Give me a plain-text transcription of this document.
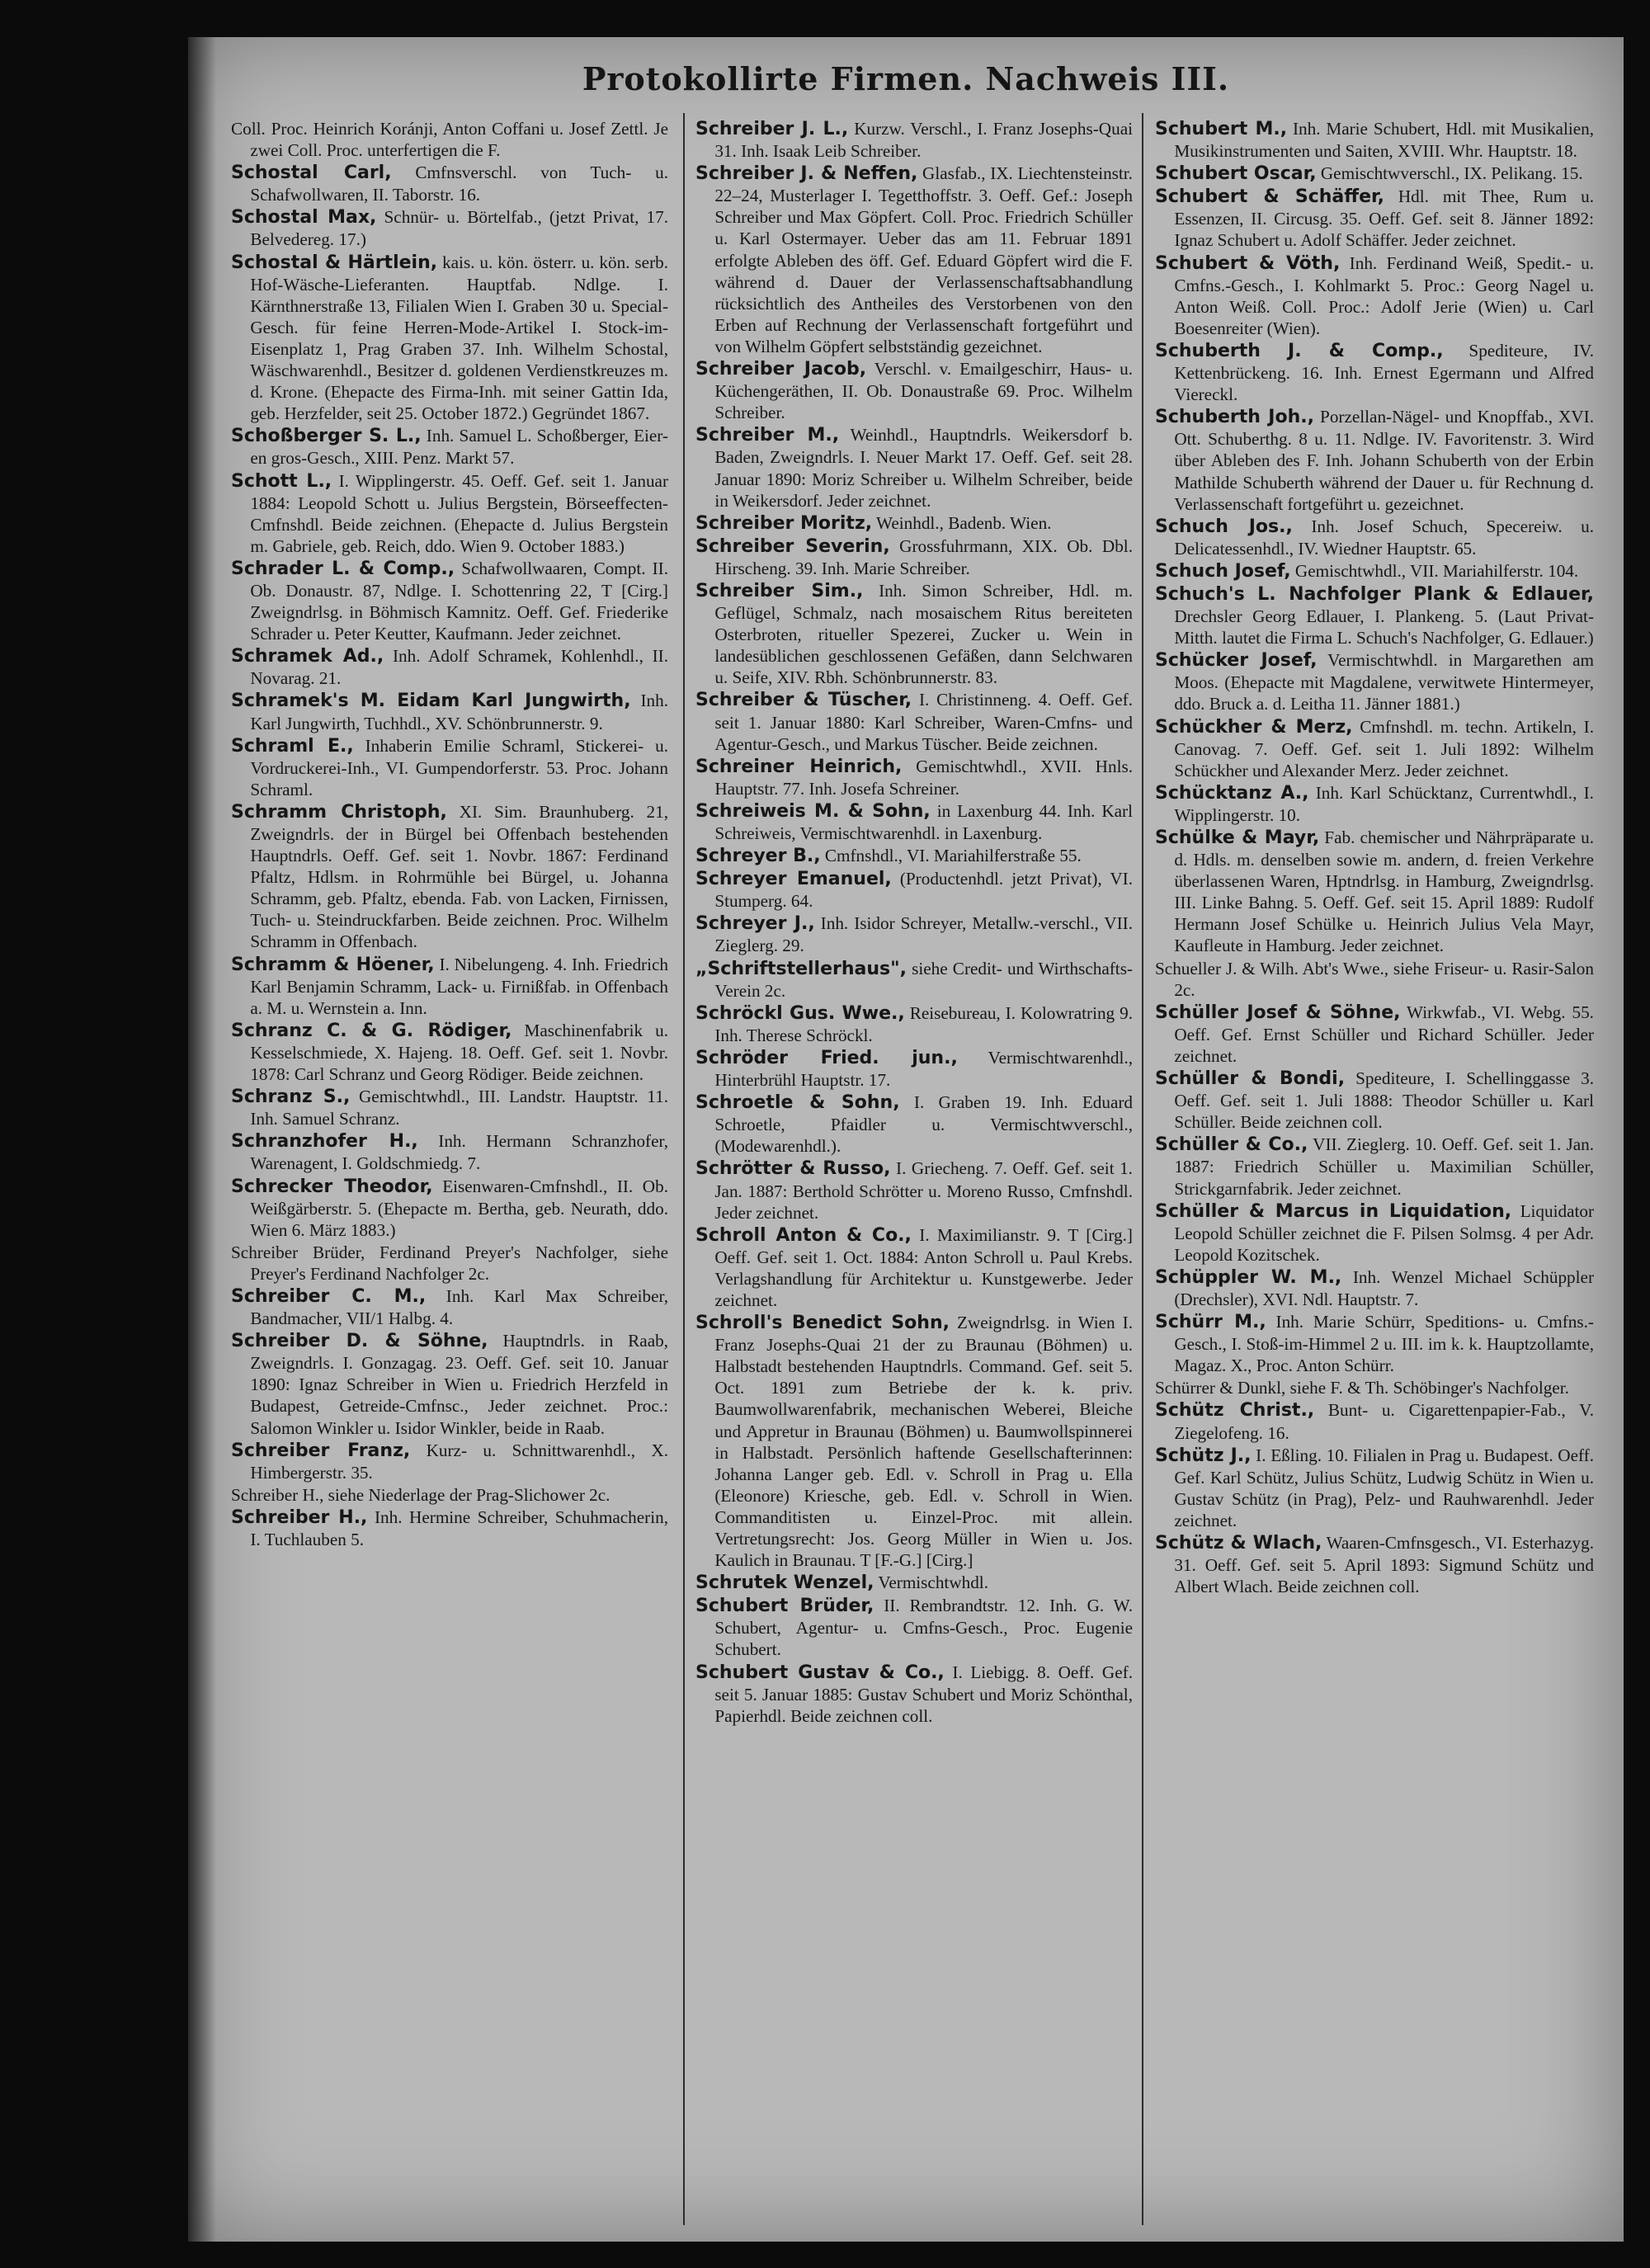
Protokollirte Firmen. Nachweis III.

Coll. Proc. Heinrich Koránji, Anton Coffani u. Josef Zettl. Je zwei Coll. Proc. unterfertigen die F.

Schostal Carl, Cmfnsverschl. von Tuch- u. Schafwollwaren, II. Taborstr. 16.

Schostal Max, Schnür- u. Börtelfab., (jetzt Privat, 17. Belvedereg. 17.)

Schostal & Härtlein, kais. u. kön. österr. u. kön. serb. Hof-Wäsche-Lieferanten. Hauptfab. Ndlge. I. Kärnthnerstraße 13, Filialen Wien I. Graben 30 u. Special-Gesch. für feine Herren-Mode-Artikel I. Stock-im-Eisenplatz 1, Prag Graben 37. Inh. Wilhelm Schostal, Wäschwarenhdl., Besitzer d. goldenen Verdienstkreuzes m. d. Krone. (Ehepacte des Firma-Inh. mit seiner Gattin Ida, geb. Herzfelder, seit 25. October 1872.) Gegründet 1867.

Schoßberger S. L., Inh. Samuel L. Schoßberger, Eier-en gros-Gesch., XIII. Penz. Markt 57.

Schott L., I. Wipplingerstr. 45. Oeff. Gef. seit 1. Januar 1884: Leopold Schott u. Julius Bergstein, Börseeffecten-Cmfnshdl. Beide zeichnen. (Ehepacte d. Julius Bergstein m. Gabriele, geb. Reich, ddo. Wien 9. October 1883.)

Schrader L. & Comp., Schafwollwaaren, Compt. II. Ob. Donaustr. 87, Ndlge. I. Schottenring 22, T [Cirg.] Zweigndrlsg. in Böhmisch Kamnitz. Oeff. Gef. Friederike Schrader u. Peter Keutter, Kaufmann. Jeder zeichnet.

Schramek Ad., Inh. Adolf Schramek, Kohlenhdl., II. Novarag. 21.

Schramek's M. Eidam Karl Jungwirth, Inh. Karl Jungwirth, Tuchhdl., XV. Schönbrunnerstr. 9.

Schraml E., Inhaberin Emilie Schraml, Stickerei- u. Vordruckerei-Inh., VI. Gumpendorferstr. 53. Proc. Johann Schraml.

Schramm Christoph, XI. Sim. Braunhuberg. 21, Zweigndrls. der in Bürgel bei Offenbach bestehenden Hauptndrls. Oeff. Gef. seit 1. Novbr. 1867: Ferdinand Pfaltz, Hdlsm. in Rohrmühle bei Bürgel, u. Johanna Schramm, geb. Pfaltz, ebenda. Fab. von Lacken, Firnissen, Tuch- u. Steindruckfarben. Beide zeichnen. Proc. Wilhelm Schramm in Offenbach.

Schramm & Höener, I. Nibelungeng. 4. Inh. Friedrich Karl Benjamin Schramm, Lack- u. Firnißfab. in Offenbach a. M. u. Wernstein a. Inn.

Schranz C. & G. Rödiger, Maschinenfabrik u. Kesselschmiede, X. Hajeng. 18. Oeff. Gef. seit 1. Novbr. 1878: Carl Schranz und Georg Rödiger. Beide zeichnen.

Schranz S., Gemischtwhdl., III. Landstr. Hauptstr. 11. Inh. Samuel Schranz.

Schranzhofer H., Inh. Hermann Schranzhofer, Warenagent, I. Goldschmiedg. 7.

Schrecker Theodor, Eisenwaren-Cmfnshdl., II. Ob. Weißgärberstr. 5. (Ehepacte m. Bertha, geb. Neurath, ddo. Wien 6. März 1883.)

Schreiber Brüder, Ferdinand Preyer's Nachfolger, siehe Preyer's Ferdinand Nachfolger 2c.

Schreiber C. M., Inh. Karl Max Schreiber, Bandmacher, VII/1 Halbg. 4.

Schreiber D. & Söhne, Hauptndrls. in Raab, Zweigndrls. I. Gonzagag. 23. Oeff. Gef. seit 10. Januar 1890: Ignaz Schreiber in Wien u. Friedrich Herzfeld in Budapest, Getreide-Cmfnsc., Jeder zeichnet. Proc.: Salomon Winkler u. Isidor Winkler, beide in Raab.

Schreiber Franz, Kurz- u. Schnittwarenhdl., X. Himbergerstr. 35.

Schreiber H., siehe Niederlage der Prag-Slichower 2c.

Schreiber H., Inh. Hermine Schreiber, Schuhmacherin, I. Tuchlauben 5.

Schreiber J. L., Kurzw. Verschl., I. Franz Josephs-Quai 31. Inh. Isaak Leib Schreiber.

Schreiber J. & Neffen, Glasfab., IX. Liechtensteinstr. 22–24, Musterlager I. Tegetthoffstr. 3. Oeff. Gef.: Joseph Schreiber und Max Göpfert. Coll. Proc. Friedrich Schüller u. Karl Ostermayer. Ueber das am 11. Februar 1891 erfolgte Ableben des öff. Gef. Eduard Göpfert wird die F. während d. Dauer der Verlassenschaftsabhandlung rücksichtlich des Antheiles des Verstorbenen von den Erben auf Rechnung der Verlassenschaft fortgeführt und von Wilhelm Göpfert selbstständig gezeichnet.

Schreiber Jacob, Verschl. v. Emailgeschirr, Haus- u. Küchengeräthen, II. Ob. Donaustraße 69. Proc. Wilhelm Schreiber.

Schreiber M., Weinhdl., Hauptndrls. Weikersdorf b. Baden, Zweigndrls. I. Neuer Markt 17. Oeff. Gef. seit 28. Januar 1890: Moriz Schreiber u. Wilhelm Schreiber, beide in Weikersdorf. Jeder zeichnet.

Schreiber Moritz, Weinhdl., Badenb. Wien.

Schreiber Severin, Grossfuhrmann, XIX. Ob. Dbl. Hirscheng. 39. Inh. Marie Schreiber.

Schreiber Sim., Inh. Simon Schreiber, Hdl. m. Geflügel, Schmalz, nach mosaischem Ritus bereiteten Osterbroten, ritueller Spezerei, Zucker u. Wein in landesüblichen geschlossenen Gefäßen, dann Selchwaren u. Seife, XIV. Rbh. Schönbrunnerstr. 83.

Schreiber & Tüscher, I. Christinneng. 4. Oeff. Gef. seit 1. Januar 1880: Karl Schreiber, Waren-Cmfns- und Agentur-Gesch., und Markus Tüscher. Beide zeichnen.

Schreiner Heinrich, Gemischtwhdl., XVII. Hnls. Hauptstr. 77. Inh. Josefa Schreiner.

Schreiweis M. & Sohn, in Laxenburg 44. Inh. Karl Schreiweis, Vermischtwarenhdl. in Laxenburg.

Schreyer B., Cmfnshdl., VI. Mariahilferstraße 55.

Schreyer Emanuel, (Productenhdl. jetzt Privat), VI. Stumperg. 64.

Schreyer J., Inh. Isidor Schreyer, Metallw.-verschl., VII. Zieglerg. 29.

„Schriftstellerhaus", siehe Credit- und Wirthschafts-Verein 2c.

Schröckl Gus. Wwe., Reisebureau, I. Kolowratring 9. Inh. Therese Schröckl.

Schröder Fried. jun., Vermischtwarenhdl., Hinterbrühl Hauptstr. 17.

Schroetle & Sohn, I. Graben 19. Inh. Eduard Schroetle, Pfaidler u. Vermischtwverschl., (Modewarenhdl.).

Schrötter & Russo, I. Griecheng. 7. Oeff. Gef. seit 1. Jan. 1887: Berthold Schrötter u. Moreno Russo, Cmfnshdl. Jeder zeichnet.

Schroll Anton & Co., I. Maximilianstr. 9. T [Cirg.] Oeff. Gef. seit 1. Oct. 1884: Anton Schroll u. Paul Krebs. Verlagshandlung für Architektur u. Kunstgewerbe. Jeder zeichnet.

Schroll's Benedict Sohn, Zweigndrlsg. in Wien I. Franz Josephs-Quai 21 der zu Braunau (Böhmen) u. Halbstadt bestehenden Hauptndrls. Command. Gef. seit 5. Oct. 1891 zum Betriebe der k. k. priv. Baumwollwarenfabrik, mechanischen Weberei, Bleiche und Appretur in Braunau (Böhmen) u. Baumwollspinnerei in Halbstadt. Persönlich haftende Gesellschafterinnen: Johanna Langer geb. Edl. v. Schroll in Prag u. Ella (Eleonore) Kriesche, geb. Edl. v. Schroll in Wien. Commanditisten u. Einzel-Proc. mit allein. Vertretungsrecht: Jos. Georg Müller in Wien u. Jos. Kaulich in Braunau. T [F.-G.] [Cirg.]

Schrutek Wenzel, Vermischtwhdl.

Schubert Brüder, II. Rembrandtstr. 12. Inh. G. W. Schubert, Agentur- u. Cmfns-Gesch., Proc. Eugenie Schubert.

Schubert Gustav & Co., I. Liebigg. 8. Oeff. Gef. seit 5. Januar 1885: Gustav Schubert und Moriz Schönthal, Papierhdl. Beide zeichnen coll.

Schubert M., Inh. Marie Schubert, Hdl. mit Musikalien, Musikinstrumenten und Saiten, XVIII. Whr. Hauptstr. 18.

Schubert Oscar, Gemischtwverschl., IX. Pelikang. 15.

Schubert & Schäffer, Hdl. mit Thee, Rum u. Essenzen, II. Circusg. 35. Oeff. Gef. seit 8. Jänner 1892: Ignaz Schubert u. Adolf Schäffer. Jeder zeichnet.

Schubert & Vöth, Inh. Ferdinand Weiß, Spedit.- u. Cmfns.-Gesch., I. Kohlmarkt 5. Proc.: Georg Nagel u. Anton Weiß. Coll. Proc.: Adolf Jerie (Wien) u. Carl Boesenreiter (Wien).

Schuberth J. & Comp., Spediteure, IV. Kettenbrückeng. 16. Inh. Ernest Egermann und Alfred Viereckl.

Schuberth Joh., Porzellan-Nägel- und Knopffab., XVI. Ott. Schuberthg. 8 u. 11. Ndlge. IV. Favoritenstr. 3. Wird über Ableben des F. Inh. Johann Schuberth von der Erbin Mathilde Schuberth während der Dauer u. für Rechnung d. Verlassenschaft fortgeführt u. gezeichnet.

Schuch Jos., Inh. Josef Schuch, Specereiw. u. Delicatessenhdl., IV. Wiedner Hauptstr. 65.

Schuch Josef, Gemischtwhdl., VII. Mariahilferstr. 104.

Schuch's L. Nachfolger Plank & Edlauer, Drechsler Georg Edlauer, I. Plankeng. 5. (Laut Privat-Mitth. lautet die Firma L. Schuch's Nachfolger, G. Edlauer.)

Schücker Josef, Vermischtwhdl. in Margarethen am Moos. (Ehepacte mit Magdalene, verwitwete Hintermeyer, ddo. Bruck a. d. Leitha 11. Jänner 1881.)

Schückher & Merz, Cmfnshdl. m. techn. Artikeln, I. Canovag. 7. Oeff. Gef. seit 1. Juli 1892: Wilhelm Schückher und Alexander Merz. Jeder zeichnet.

Schücktanz A., Inh. Karl Schücktanz, Currentwhdl., I. Wipplingerstr. 10.

Schülke & Mayr, Fab. chemischer und Nährpräparate u. d. Hdls. m. denselben sowie m. andern, d. freien Verkehre überlassenen Waren, Hptndrlsg. in Hamburg, Zweigndrlsg. III. Linke Bahng. 5. Oeff. Gef. seit 15. April 1889: Rudolf Hermann Josef Schülke u. Heinrich Julius Vela Mayr, Kaufleute in Hamburg. Jeder zeichnet.

Schueller J. & Wilh. Abt's Wwe., siehe Friseur- u. Rasir-Salon 2c.

Schüller Josef & Söhne, Wirkwfab., VI. Webg. 55. Oeff. Gef. Ernst Schüller und Richard Schüller. Jeder zeichnet.

Schüller & Bondi, Spediteure, I. Schellinggasse 3. Oeff. Gef. seit 1. Juli 1888: Theodor Schüller u. Karl Schüller. Beide zeichnen coll.

Schüller & Co., VII. Zieglerg. 10. Oeff. Gef. seit 1. Jan. 1887: Friedrich Schüller u. Maximilian Schüller, Strickgarnfabrik. Jeder zeichnet.

Schüller & Marcus in Liquidation, Liquidator Leopold Schüller zeichnet die F. Pilsen Solmsg. 4 per Adr. Leopold Kozitschek.

Schüppler W. M., Inh. Wenzel Michael Schüppler (Drechsler), XVI. Ndl. Hauptstr. 7.

Schürr M., Inh. Marie Schürr, Speditions- u. Cmfns.-Gesch., I. Stoß-im-Himmel 2 u. III. im k. k. Hauptzollamte, Magaz. X., Proc. Anton Schürr.

Schürrer & Dunkl, siehe F. & Th. Schöbinger's Nachfolger.

Schütz Christ., Bunt- u. Cigarettenpapier-Fab., V. Ziegelofeng. 16.

Schütz J., I. Eßling. 10. Filialen in Prag u. Budapest. Oeff. Gef. Karl Schütz, Julius Schütz, Ludwig Schütz in Wien u. Gustav Schütz (in Prag), Pelz- und Rauhwarenhdl. Jeder zeichnet.

Schütz & Wlach, Waaren-Cmfnsgesch., VI. Esterhazyg. 31. Oeff. Gef. seit 5. April 1893: Sigmund Schütz und Albert Wlach. Beide zeichnen coll.
